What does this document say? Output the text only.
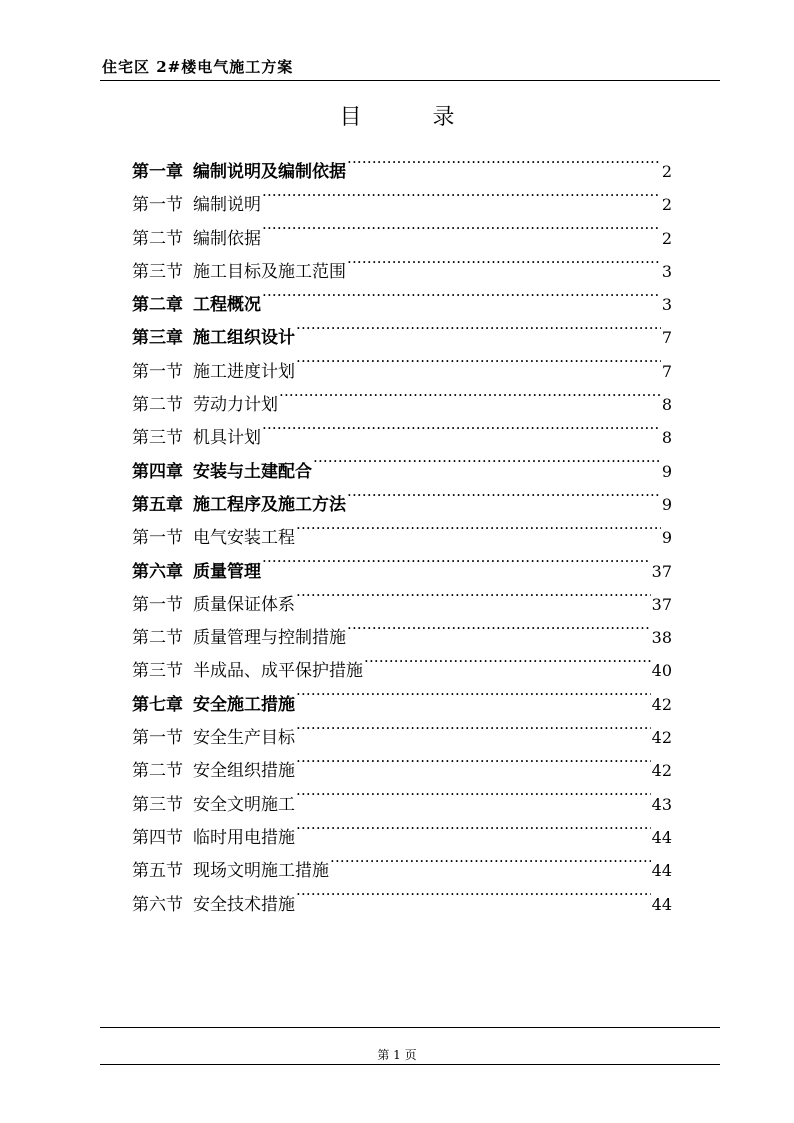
住宅区 2#楼电气施工方案
目 录
第一章 编制说明及编制依据 ·····	2
第一节 编制说明 ·····	2
第二节 编制依据 ·····	2
第三节 施工目标及施工范围 ·····	3
第二章 工程概况 ·····	3
第三章 施工组织设计 ·····	7
第一节 施工进度计划 ·····	7
第二节 劳动力计划 ·····	8
第三节 机具计划 ·····	8
第四章 安装与土建配合 ·····	9
第五章 施工程序及施工方法 ·····	9
第一节 电气安装工程 ·····	9
第六章 质量管理 ·····	37
第一节 质量保证体系 ·····	37
第二节 质量管理与控制措施 ·····	38
第三节 半成品、成平保护措施 ·····	40
第七章 安全施工措施 ·····	42
第一节 安全生产目标 ·····	42
第二节 安全组织措施 ·····	42
第三节 安全文明施工 ·····	43
第四节 临时用电措施 ·····	44
第五节 现场文明施工措施 ·····	44
第六节 安全技术措施 ·····	44
第 1 页
